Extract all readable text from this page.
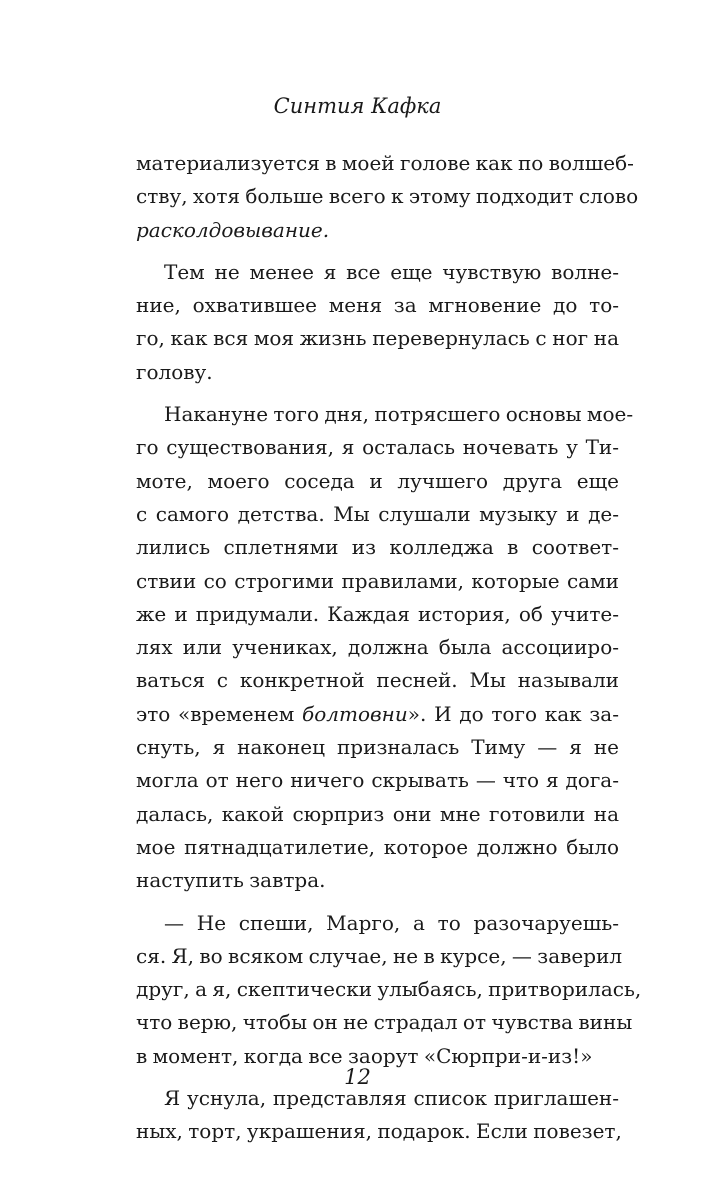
Синтия Кафка
материализуется в моей голове как по волшеб-
ству, хотя больше всего к этому подходит слово
расколдовывание.
Тем не менее я все еще чувствую волне-
ние, охватившее меня за мгновение до то-
го, как вся моя жизнь перевернулась с ног на
голову.
Накануне того дня, потрясшего основы мое-
го существования, я осталась ночевать у Ти-
моте, моего соседа и лучшего друга еще
с самого детства. Мы слушали музыку и де-
лились сплетнями из колледжа в соответ-
ствии со строгими правилами, которые сами
же и придумали. Каждая история, об учите-
лях или учениках, должна была ассоцииро-
ваться с конкретной песней. Мы называли
это «временем болтовни». И до того как за-
снуть, я наконец призналась Тиму — я не
могла от него ничего скрывать — что я дога-
далась, какой сюрприз они мне готовили на
мое пятнадцатилетие, которое должно было
наступить завтра.
— Не спеши, Марго, а то разочаруешь-
ся. Я, во всяком случае, не в курсе, — заверил
друг, а я, скептически улыбаясь, притворилась,
что верю, чтобы он не страдал от чувства вины
в момент, когда все заорут «Сюрпри-и-из!»
Я уснула, представляя список приглашен-
ных, торт, украшения, подарок. Если повезет,
12
